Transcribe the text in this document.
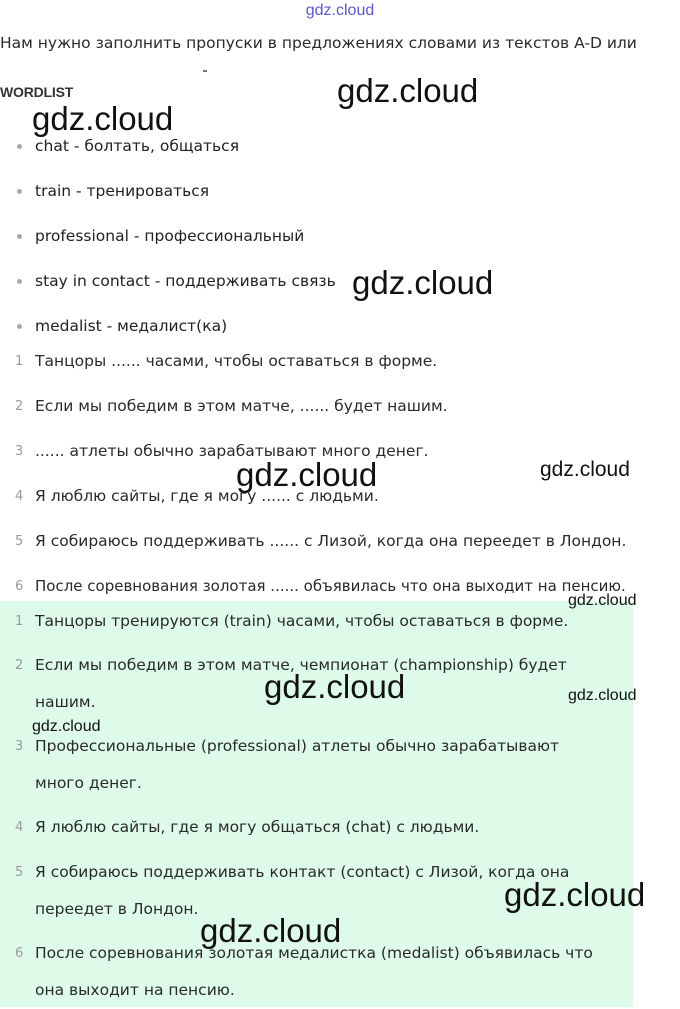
gdz.cloud
Нам нужно заполнить пропуски в предложениях словами из текстов A-D или
WORDLIST
chat - болтать, общаться
train - тренироваться
professional - профессиональный
stay in contact - поддерживать связь
medalist - медалист(ка)
1 Танцоры ...... часами, чтобы оставаться в форме.
2 Если мы победим в этом матче, ...... будет нашим.
3 ...... атлеты обычно зарабатывают много денег.
4 Я люблю сайты, где я могу ...... с людьми.
5 Я собираюсь поддерживать ...... с Лизой, когда она переедет в Лондон.
6 После соревнования золотая ...... объявилась что она выходит на пенсию.
1 Танцоры тренируются (train) часами, чтобы оставаться в форме.
2 Если мы победим в этом матче, чемпионат (championship) будет нашим.
3 Профессиональные (professional) атлеты обычно зарабатывают много денег.
4 Я люблю сайты, где я могу общаться (chat) с людьми.
5 Я собираюсь поддерживать контакт (contact) с Лизой, когда она переедет в Лондон.
6 После соревнования золотая медалистка (medalist) объявилась что она выходит на пенсию.
gdz.cloud
gdz.cloud
gdz.cloud
gdz.cloud	gdz.cloud
gdz.cloud
gdz.cloud	gdz.cloud
gdz.cloud
gdz.cloud
gdz.cloud
